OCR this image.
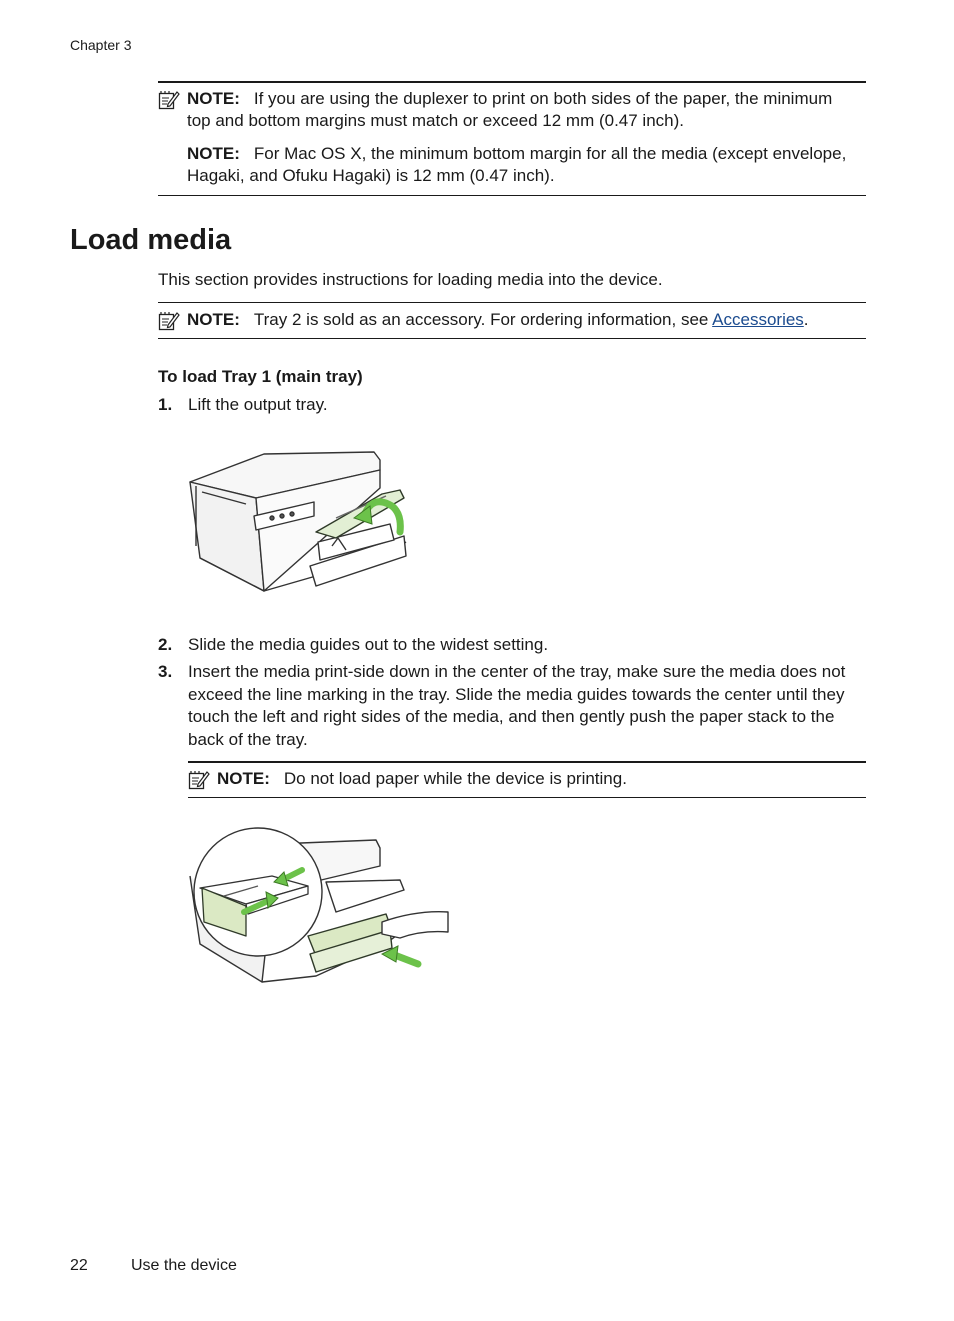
Chapter 3
NOTE: If you are using the duplexer to print on both sides of the paper, the minimum top and bottom margins must match or exceed 12 mm (0.47 inch).
NOTE: For Mac OS X, the minimum bottom margin for all the media (except envelope, Hagaki, and Ofuku Hagaki) is 12 mm (0.47 inch).
Load media
This section provides instructions for loading media into the device.
NOTE: Tray 2 is sold as an accessory. For ordering information, see Accessories.
To load Tray 1 (main tray)
1. Lift the output tray.
2. Slide the media guides out to the widest setting.
3. Insert the media print-side down in the center of the tray, make sure the media does not exceed the line marking in the tray. Slide the media guides towards the center until they touch the left and right sides of the media, and then gently push the paper stack to the back of the tray.
NOTE: Do not load paper while the device is printing.
22	Use the device
